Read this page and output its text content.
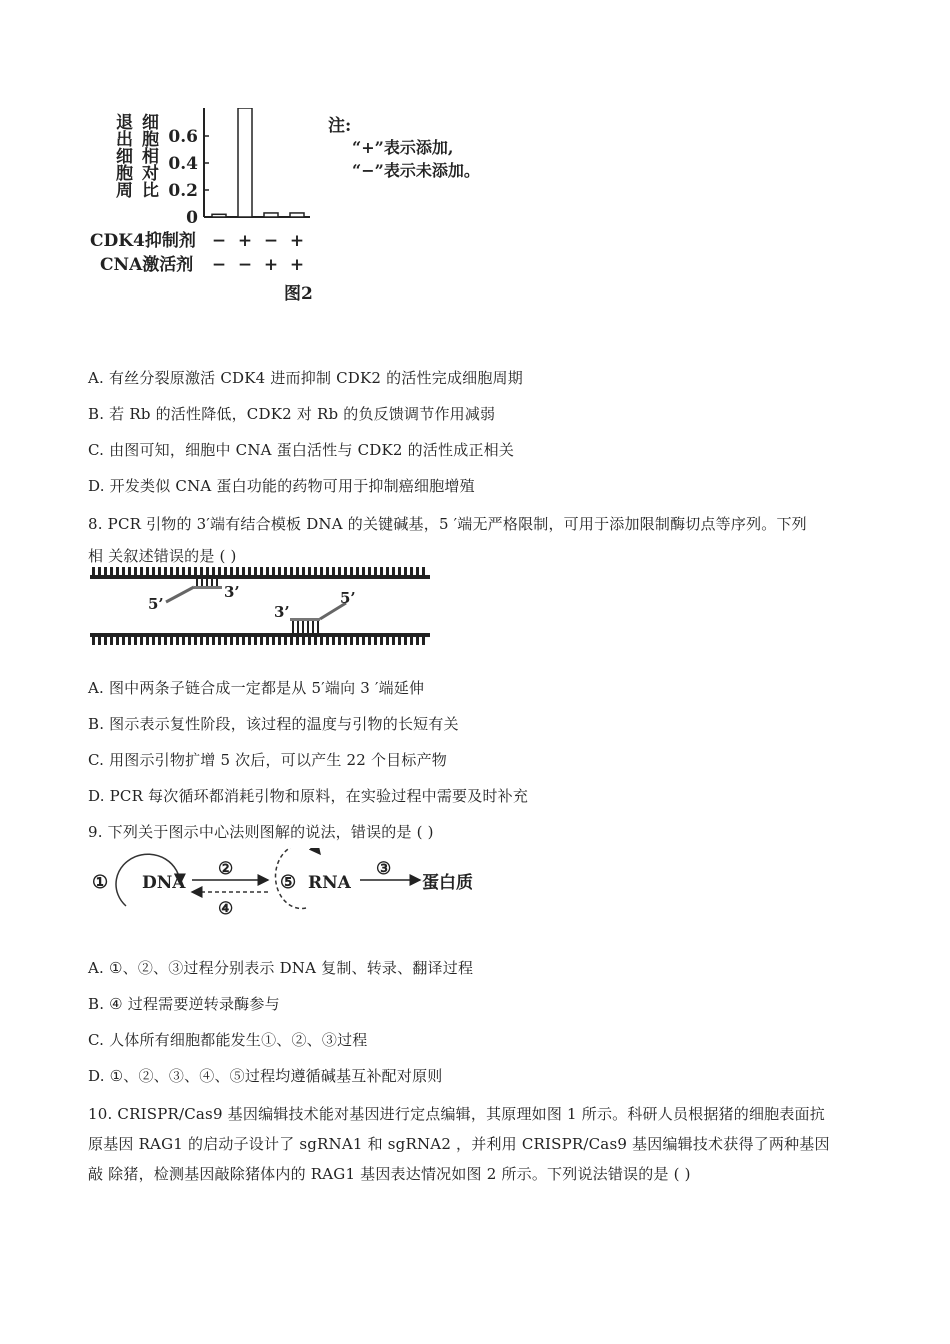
退出细胞周 细胞相对比 0.6
0.4
0.2
0
注:
“+”表示添加,
“−”表示未添加。
CDK4抑制剂
CNA激活剂
− + − +
− − + +
图2
A. 有丝分裂原激活 CDK4 进而抑制 CDK2 的活性完成细胞周期
B. 若 Rb 的活性降低，CDK2 对 Rb 的负反馈调节作用减弱
C. 由图可知，细胞中 CNA 蛋白活性与 CDK2 的活性成正相关
D. 开发类似 CNA 蛋白功能的药物可用于抑制癌细胞增殖
8. PCR 引物的 3′端有结合模板 DNA 的关键碱基，5 ′端无严格限制，可用于添加限制酶切点等序列。下列
相 关叙述错误的是 ( )
5’
3’
3’
5’
A. 图中两条子链合成一定都是从 5′端向 3 ′端延伸
B. 图示表示复性阶段，该过程的温度与引物的长短有关
C. 用图示引物扩增 5 次后，可以产生 22 个目标产物
D. PCR 每次循环都消耗引物和原料，在实验过程中需要及时补充
9. 下列关于图示中心法则图解的说法，错误的是 ( )
① DNA
②
④
⑤ RNA
③
蛋白质
A. ①、②、③过程分别表示 DNA 复制、转录、翻译过程
B. ④ 过程需要逆转录酶参与
C. 人体所有细胞都能发生①、②、③过程
D. ①、②、③、④、⑤过程均遵循碱基互补配对原则
10. CRISPR/Cas9 基因编辑技术能对基因进行定点编辑，其原理如图 1 所示。科研人员根据猪的细胞表面抗
原基因 RAG1 的启动子设计了 sgRNA1 和 sgRNA2 ，并利用 CRISPR/Cas9 基因编辑技术获得了两种基因
敲 除猪，检测基因敲除猪体内的 RAG1 基因表达情况如图 2 所示。下列说法错误的是 ( )
